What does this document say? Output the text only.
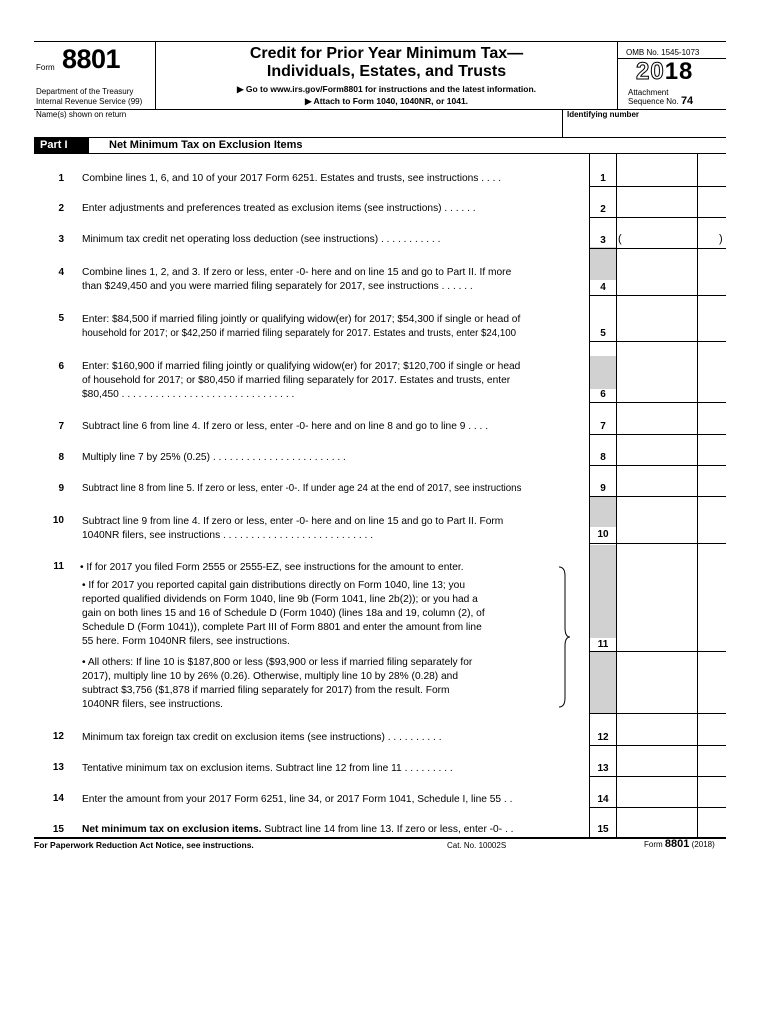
Form 8801
Department of the Treasury
Internal Revenue Service (99)
Credit for Prior Year Minimum Tax—
Individuals, Estates, and Trusts
▶ Go to www.irs.gov/Form8801 for instructions and the latest information.
▶ Attach to Form 1040, 1040NR, or 1041.
OMB No. 1545-1073
2018
Attachment
Sequence No. 74
Name(s) shown on return	Identifying number
Part I	Net Minimum Tax on Exclusion Items
1 Combine lines 1, 6, and 10 of your 2017 Form 6251. Estates and trusts, see instructions . . . .	1
2 Enter adjustments and preferences treated as exclusion items (see instructions) . . . . . .	2
3 Minimum tax credit net operating loss deduction (see instructions) . . . . . . . . . . .	3	(	)
4 Combine lines 1, 2, and 3. If zero or less, enter -0- here and on line 15 and go to Part II. If more
than $249,450 and you were married filing separately for 2017, see instructions . . . . . .	4
5 Enter: $84,500 if married filing jointly or qualifying widow(er) for 2017; $54,300 if single or head of
household for 2017; or $42,250 if married filing separately for 2017. Estates and trusts, enter $24,100	5
6 Enter: $160,900 if married filing jointly or qualifying widow(er) for 2017; $120,700 if single or head
of household for 2017; or $80,450 if married filing separately for 2017. Estates and trusts, enter
$80,450 . . . . . . . . . . . . . . . . . . . . . . . . . . . . . . .	6
7 Subtract line 6 from line 4. If zero or less, enter -0- here and on line 8 and go to line 9 . . . .	7
8 Multiply line 7 by 25% (0.25) . . . . . . . . . . . . . . . . . . . . . . . .	8
9 Subtract line 8 from line 5. If zero or less, enter -0-. If under age 24 at the end of 2017, see instructions	9
10 Subtract line 9 from line 4. If zero or less, enter -0- here and on line 15 and go to Part II. Form
1040NR filers, see instructions . . . . . . . . . . . . . . . . . . . . . . . . . . .	10
11 • If for 2017 you filed Form 2555 or 2555-EZ, see instructions for the amount to enter.
• If for 2017 you reported capital gain distributions directly on Form 1040, line 13; you
reported qualified dividends on Form 1040, line 9b (Form 1041, line 2b(2)); or you had a
gain on both lines 15 and 16 of Schedule D (Form 1040) (lines 18a and 19, column (2), of
Schedule D (Form 1041)), complete Part III of Form 8801 and enter the amount from line
55 here. Form 1040NR filers, see instructions.
• All others: If line 10 is $187,800 or less ($93,900 or less if married filing separately for
2017), multiply line 10 by 26% (0.26). Otherwise, multiply line 10 by 28% (0.28) and
subtract $3,756 ($1,878 if married filing separately for 2017) from the result. Form
1040NR filers, see instructions.
11
12 Minimum tax foreign tax credit on exclusion items (see instructions) . . . . . . . . . .	12
13 Tentative minimum tax on exclusion items. Subtract line 12 from line 11 . . . . . . . . .	13
14 Enter the amount from your 2017 Form 6251, line 34, or 2017 Form 1041, Schedule I, line 55 . .	14
15 Net minimum tax on exclusion items. Subtract line 14 from line 13. If zero or less, enter -0- . .	15
For Paperwork Reduction Act Notice, see instructions.	Cat. No. 10002S	Form 8801 (2018)
